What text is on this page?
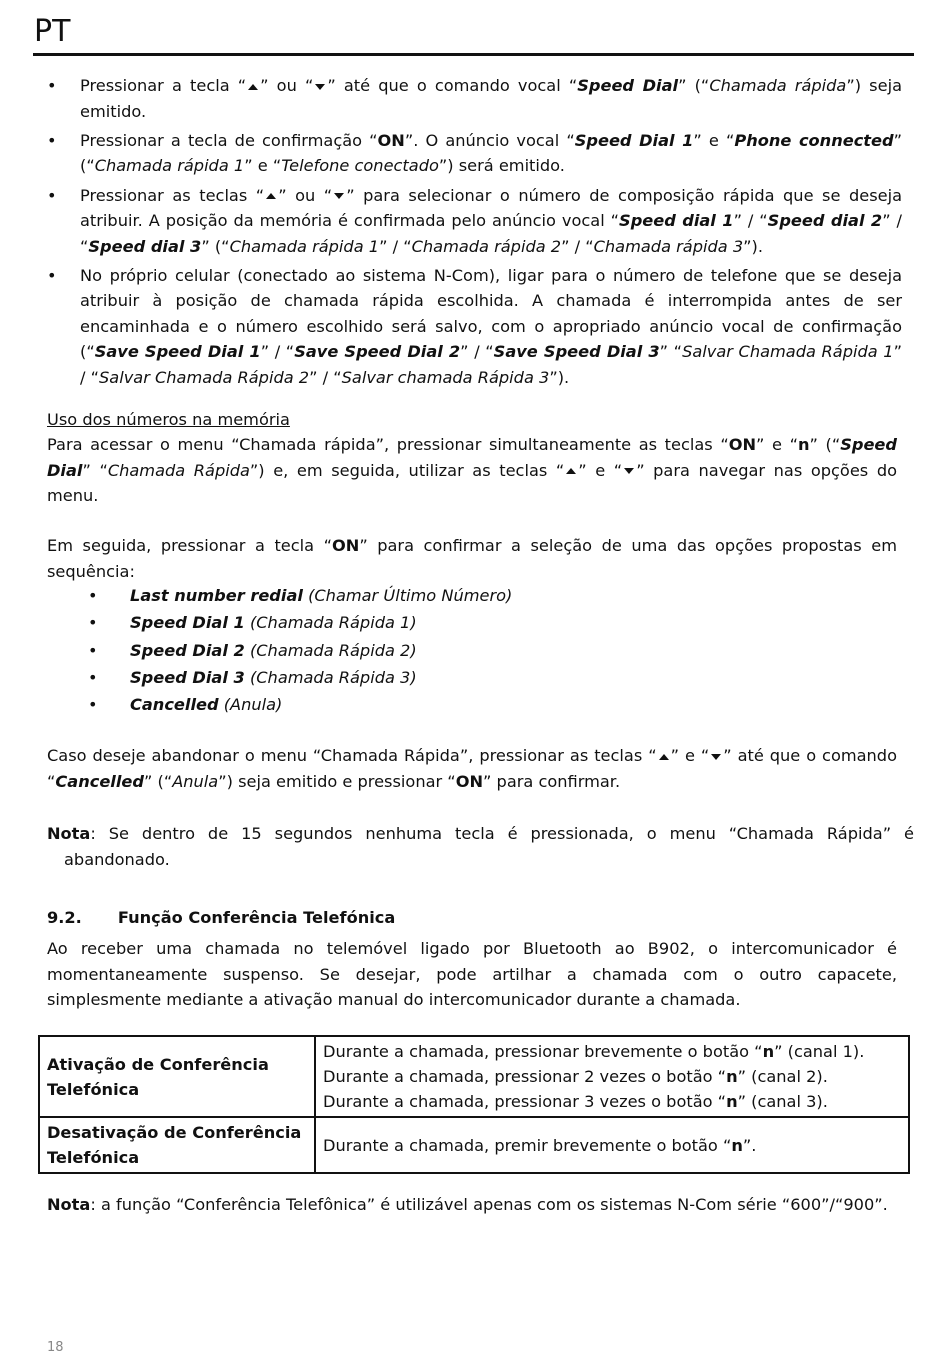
PT
• Pressionar a tecla “ ” ou “ ” até que o comando vocal “Speed Dial” (“Chamada rápida”) seja emitido.
• Pressionar a tecla de confirmação “ON”. O anúncio vocal “Speed Dial 1” e “Phone connected” (“Chamada rápida 1” e “Telefone conectado”) será emitido.
• Pressionar as teclas “ ” ou “ ” para selecionar o número de composição rápida que se deseja atribuir. A posição da memória é confirmada pelo anúncio vocal “Speed dial 1” / “Speed dial 2” / “Speed dial 3” (“Chamada rápida 1” / “Chamada rápida 2” / “Chamada rápida 3”).
• No próprio celular (conectado ao sistema N-Com), ligar para o número de telefone que se deseja atribuir à posição de chamada rápida escolhida. A chamada é interrompida antes de ser encaminhada e o número escolhido será salvo, com o apropriado anúncio vocal de confirmação (“Save Speed Dial 1” / “Save Speed Dial 2” / “Save Speed Dial 3” “Salvar Chamada Rápida 1” / “Salvar Chamada Rápida 2” / “Salvar chamada Rápida 3”).

Uso dos números na memória

Para acessar o menu “Chamada rápida”, pressionar simultaneamente as teclas “ON” e “n” (“Speed Dial” “Chamada Rápida”) e, em seguida, utilizar as teclas “ ” e “ ” para navegar nas opções do menu.

Em seguida, pressionar a tecla “ON” para confirmar a seleção de uma das opções propostas em sequência:

• Last number redial (Chamar Último Número)
• Speed Dial 1 (Chamada Rápida 1)
• Speed Dial 2 (Chamada Rápida 2)
• Speed Dial 3 (Chamada Rápida 3)
• Cancelled (Anula)

Caso deseje abandonar o menu “Chamada Rápida”, pressionar as teclas “ ” e “ ” até que o comando “Cancelled” (“Anula”) seja emitido e pressionar “ON” para confirmar.

Nota: Se dentro de 15 segundos nenhuma tecla é pressionada, o menu “Chamada Rápida” é abandonado.

9.2. Função Conferência Telefónica

Ao receber uma chamada no telemóvel ligado por Bluetooth ao B902, o intercomunicador é momentaneamente suspenso. Se desejar, pode artilhar a chamada com o outro capacete, simplesmente mediante a ativação manual do intercomunicador durante a chamada.

Ativação de Conferência Telefónica	Durante a chamada, pressionar brevemente o botão “n” (canal 1).
Durante a chamada, pressionar 2 vezes o botão “n” (canal 2).
Durante a chamada, pressionar 3 vezes o botão “n” (canal 3).

Desativação de Conferência Telefónica	Durante a chamada, premir brevemente o botão “n”.

Nota: a função “Conferência Telefônica” é utilizável apenas com os sistemas N-Com série “600”/“900”.

18
